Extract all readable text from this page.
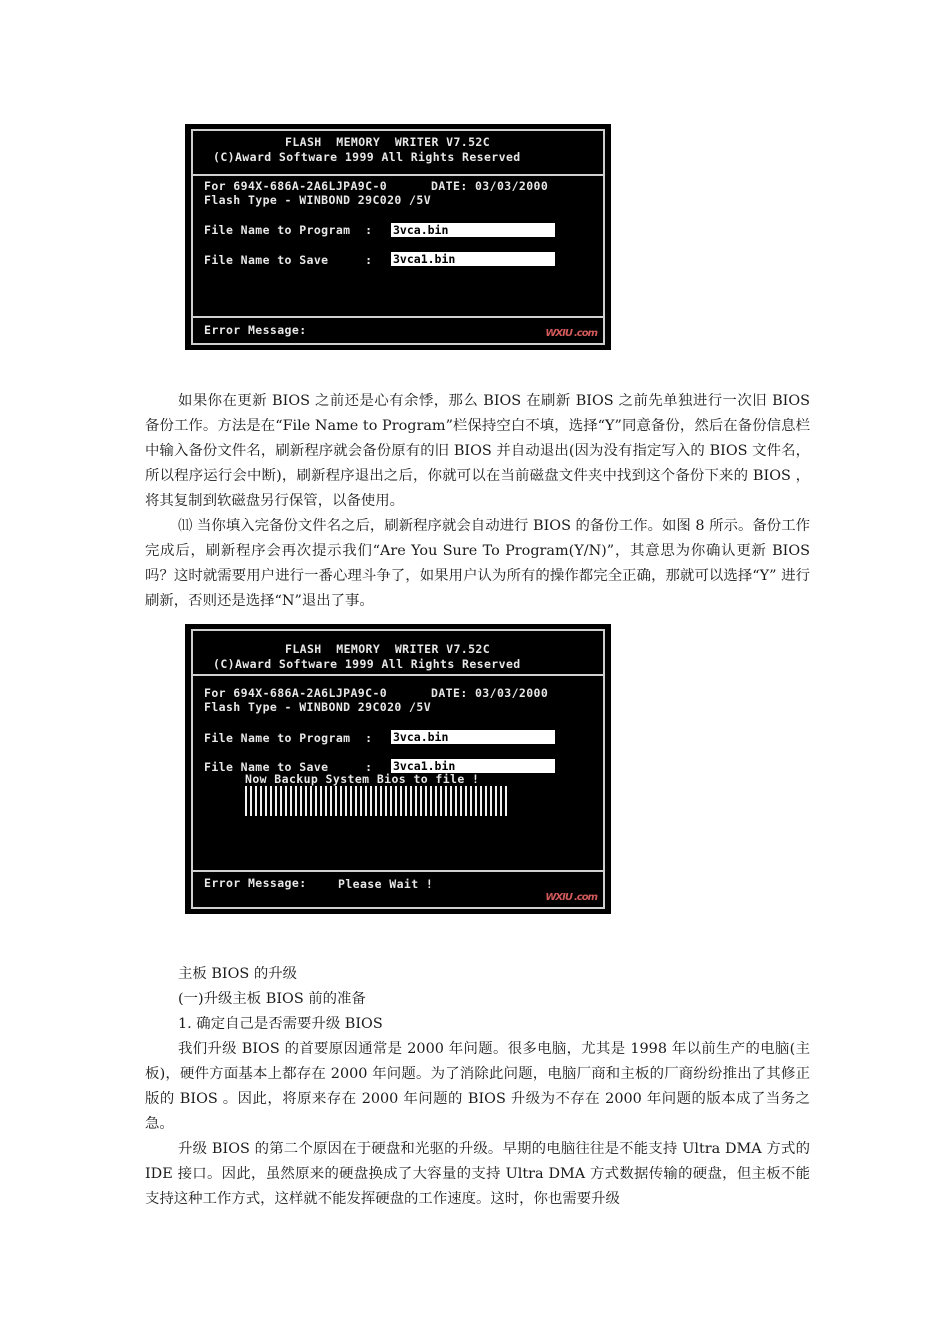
FLASH  MEMORY  WRITER V7.52C
(C)Award Software 1999 All Rights Reserved
For 694X-686A-2A6LJPA9C-0      DATE: 03/03/2000
Flash Type - WINBOND 29C020 /5V
File Name to Program  : 3vca.bin
File Name to Save     : 3vca1.bin
Error Message:	WXIU .com

如果你在更新 BIOS 之前还是心有余悸，那么 BIOS 在刷新 BIOS 之前先单独进行一次旧 BIOS 备份工作。方法是在“File Name to Program”栏保持空白不填，选择“Y”同意备份，然后在备份信息栏中输入备份文件名，刷新程序就会备份原有的旧 BIOS 并自动退出(因为没有指定写入的 BIOS 文件名，所以程序运行会中断)，刷新程序退出之后，你就可以在当前磁盘文件夹中找到这个备份下来的 BIOS ，将其复制到软磁盘另行保管，以备使用。

⑾ 当你填入完备份文件名之后，刷新程序就会自动进行 BIOS 的备份工作。如图 8 所示。备份工作完成后，刷新程序会再次提示我们“Are You Sure To Program(Y/N)”，其意思为你确认更新 BIOS 吗？这时就需要用户进行一番心理斗争了，如果用户认为所有的操作都完全正确，那就可以选择“Y” 进行刷新，否则还是选择“N”退出了事。

FLASH  MEMORY  WRITER V7.52C
(C)Award Software 1999 All Rights Reserved
For 694X-686A-2A6LJPA9C-0      DATE: 03/03/2000
Flash Type - WINBOND 29C020 /5V
File Name to Program  : 3vca.bin
File Name to Save     : 3vca1.bin
Now Backup System Bios to file !
Error Message:	Please Wait !
WXIU .com
主板 BIOS 的升级
(一)升级主板 BIOS 前的准备
1. 确定自己是否需要升级 BIOS

我们升级 BIOS 的首要原因通常是 2000 年问题。很多电脑，尤其是 1998 年以前生产的电脑(主板)，硬件方面基本上都存在 2000 年问题。为了消除此问题，电脑厂商和主板的厂商纷纷推出了其修正版的 BIOS 。因此，将原来存在 2000 年问题的 BIOS 升级为不存在 2000 年问题的版本成了当务之急。

升级 BIOS 的第二个原因在于硬盘和光驱的升级。早期的电脑往往是不能支持 Ultra DMA 方式的 IDE 接口。因此，虽然原来的硬盘换成了大容量的支持 Ultra DMA 方式数据传输的硬盘，但主板不能支持这种工作方式，这样就不能发挥硬盘的工作速度。这时，你也需要升级
